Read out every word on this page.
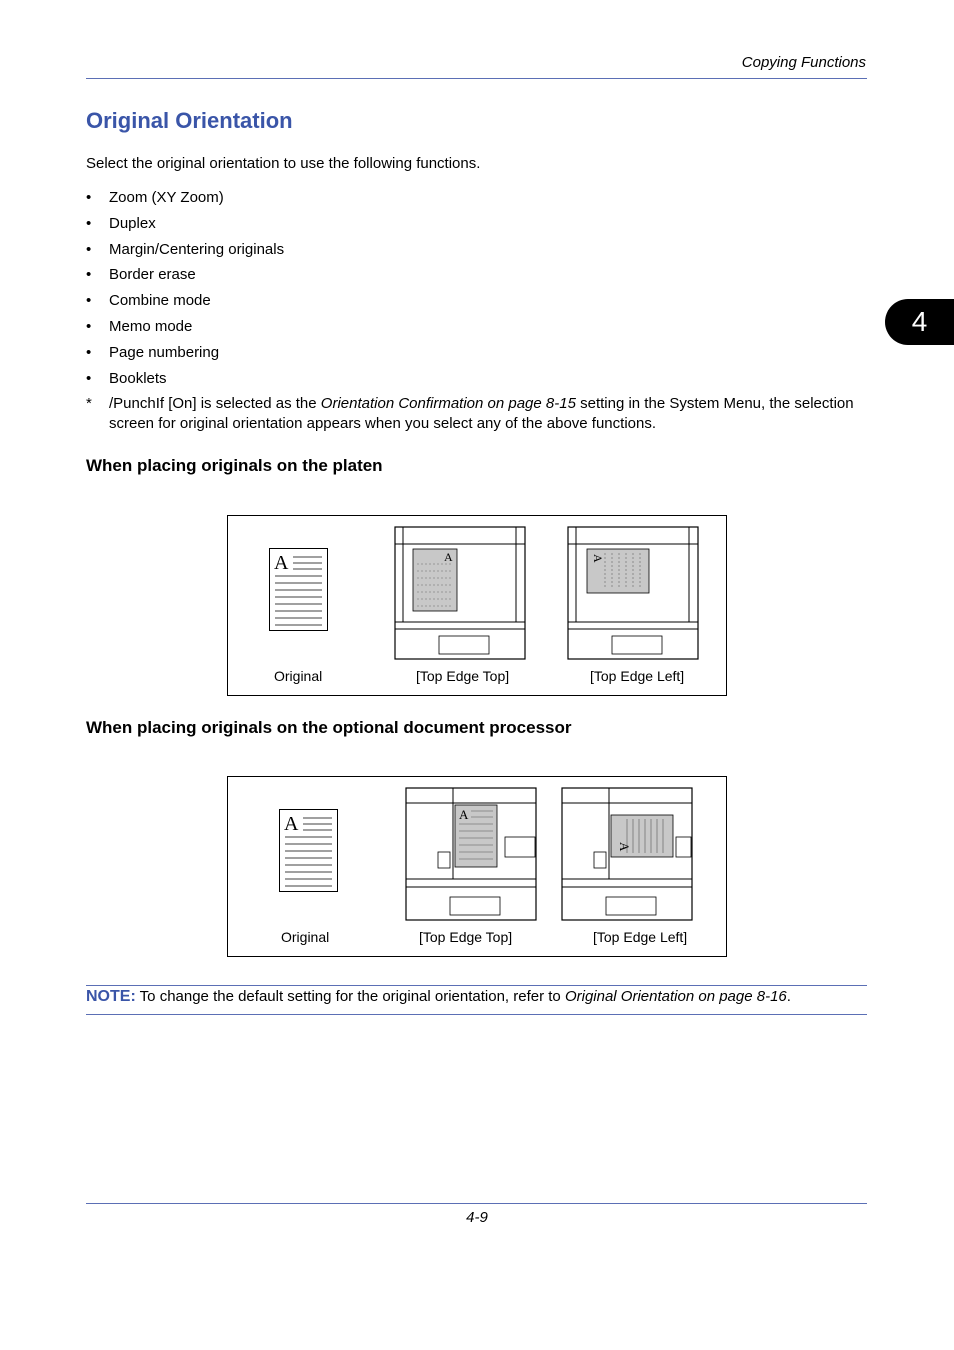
Copying Functions
4
Original Orientation
Select the original orientation to use the following functions.
• Zoom (XY Zoom)
• Duplex
• Margin/Centering originals
• Border erase
• Combine mode
• Memo mode
• Page numbering
• Booklets
* /PunchIf [On] is selected as the Orientation Confirmation on page 8-15 setting in the System Menu, the selection screen for original orientation appears when you select any of the above functions.
When placing originals on the platen
A	A	A
Original	[Top Edge Top]	[Top Edge Left]
When placing originals on the optional document processor
A	A
A
Original	[Top Edge Top]	[Top Edge Left]
NOTE: To change the default setting for the original orientation, refer to Original Orientation on page 8-16.
4-9
